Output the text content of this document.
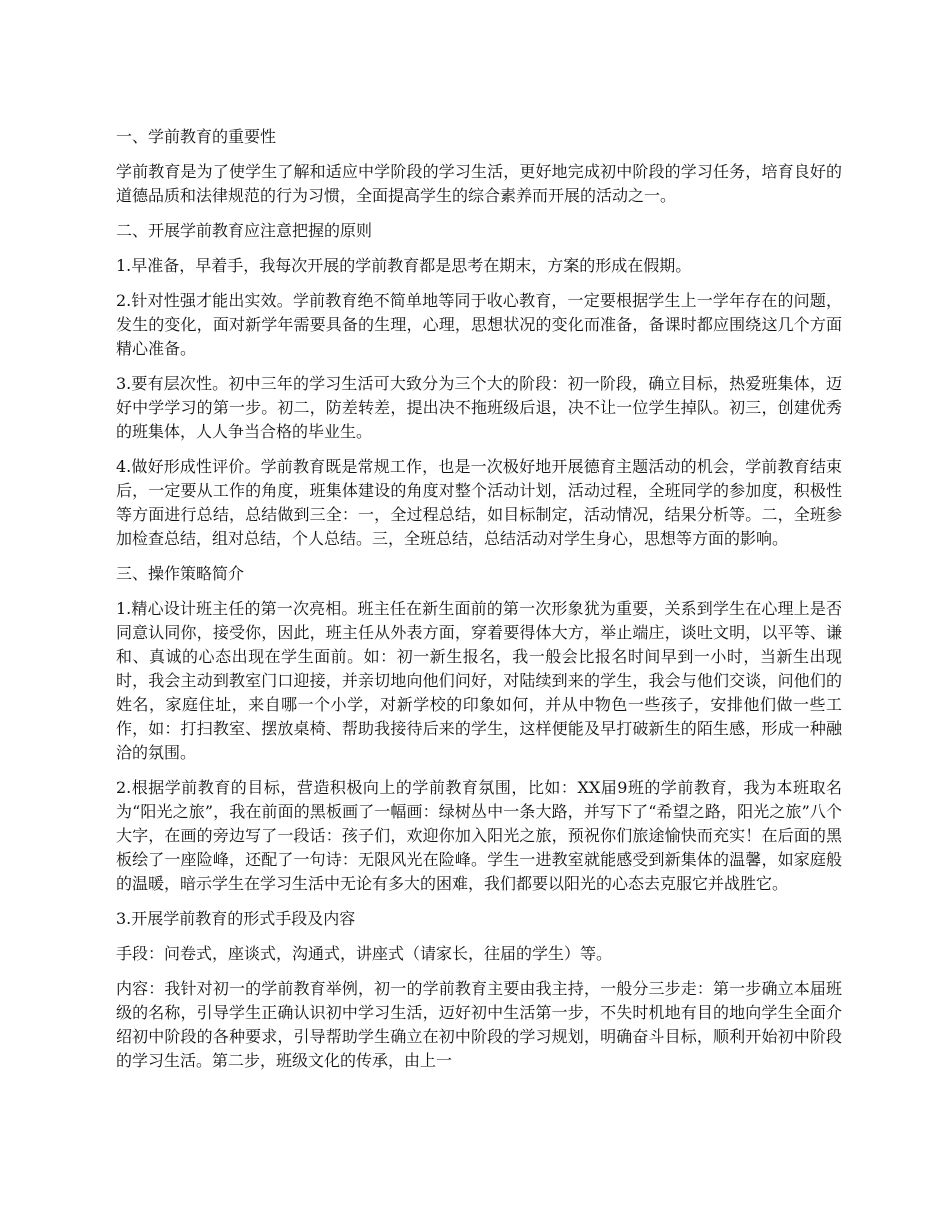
一、学前教育的重要性

学前教育是为了使学生了解和适应中学阶段的学习生活，更好地完成初中阶段的学习任务，培育良好的道德品质和法律规范的行为习惯，全面提高学生的综合素养而开展的活动之一。

二、开展学前教育应注意把握的原则

1.早准备，早着手，我每次开展的学前教育都是思考在期末，方案的形成在假期。

2.针对性强才能出实效。学前教育绝不简单地等同于收心教育，一定要根据学生上一学年存在的问题，发生的变化，面对新学年需要具备的生理，心理，思想状况的变化而准备，备课时都应围绕这几个方面精心准备。

3.要有层次性。初中三年的学习生活可大致分为三个大的阶段：初一阶段，确立目标，热爱班集体，迈好中学学习的第一步。初二，防差转差，提出决不拖班级后退，决不让一位学生掉队。初三，创建优秀的班集体，人人争当合格的毕业生。

4.做好形成性评价。学前教育既是常规工作，也是一次极好地开展德育主题活动的机会，学前教育结束后，一定要从工作的角度，班集体建设的角度对整个活动计划，活动过程，全班同学的参加度，积极性等方面进行总结，总结做到三全：一，全过程总结，如目标制定，活动情况，结果分析等。二，全班参加检查总结，组对总结，个人总结。三，全班总结，总结活动对学生身心，思想等方面的影响。

三、操作策略简介

1.精心设计班主任的第一次亮相。班主任在新生面前的第一次形象犹为重要，关系到学生在心理上是否同意认同你，接受你，因此，班主任从外表方面，穿着要得体大方，举止端庄，谈吐文明，以平等、谦和、真诚的心态出现在学生面前。如：初一新生报名，我一般会比报名时间早到一小时，当新生出现时，我会主动到教室门口迎接，并亲切地向他们问好，对陆续到来的学生，我会与他们交谈，问他们的姓名，家庭住址，来自哪一个小学，对新学校的印象如何，并从中物色一些孩子，安排他们做一些工作，如：打扫教室、摆放桌椅、帮助我接待后来的学生，这样便能及早打破新生的陌生感，形成一种融洽的氛围。

2.根据学前教育的目标，营造积极向上的学前教育氛围，比如：XX届9班的学前教育，我为本班取名为“阳光之旅”，我在前面的黑板画了一幅画：绿树丛中一条大路，并写下了“希望之路，阳光之旅”八个大字，在画的旁边写了一段话：孩子们，欢迎你加入阳光之旅，预祝你们旅途愉快而充实！在后面的黑板绘了一座险峰，还配了一句诗：无限风光在险峰。学生一进教室就能感受到新集体的温馨，如家庭般的温暖，暗示学生在学习生活中无论有多大的困难，我们都要以阳光的心态去克服它并战胜它。

3.开展学前教育的形式手段及内容

手段：问卷式，座谈式，沟通式，讲座式（请家长，往届的学生）等。

内容：我针对初一的学前教育举例，初一的学前教育主要由我主持，一般分三步走：第一步确立本届班级的名称，引导学生正确认识初中学习生活，迈好初中生活第一步，不失时机地有目的地向学生全面介绍初中阶段的各种要求，引导帮助学生确立在初中阶段的学习规划，明确奋斗目标，顺利开始初中阶段的学习生活。第二步，班级文化的传承，由上一
